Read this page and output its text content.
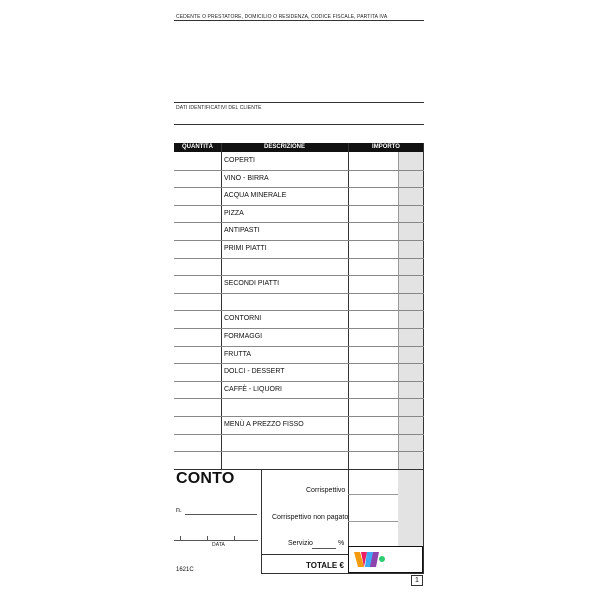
CEDENTE O PRESTATORE, DOMICILIO O RESIDENZA, CODICE FISCALE, PARTITA IVA
DATI IDENTIFICATIVI DEL CLIENTE
QUANTITÀ	DESCRIZIONE	IMPORTO
COPERTI
VINO - BIRRA
ACQUA MINERALE
PIZZA
ANTIPASTI
PRIMI PIATTI
SECONDI PIATTI
CONTORNI
FORMAGGI
FRUTTA
DOLCI - DESSERT
CAFFÈ - LIQUORI
MENÙ A PREZZO FISSO
CONTO
n.
DATA
1621C
Corrispettivo
Corrispettivo non pagato
Servizio	%
TOTALE €
1
